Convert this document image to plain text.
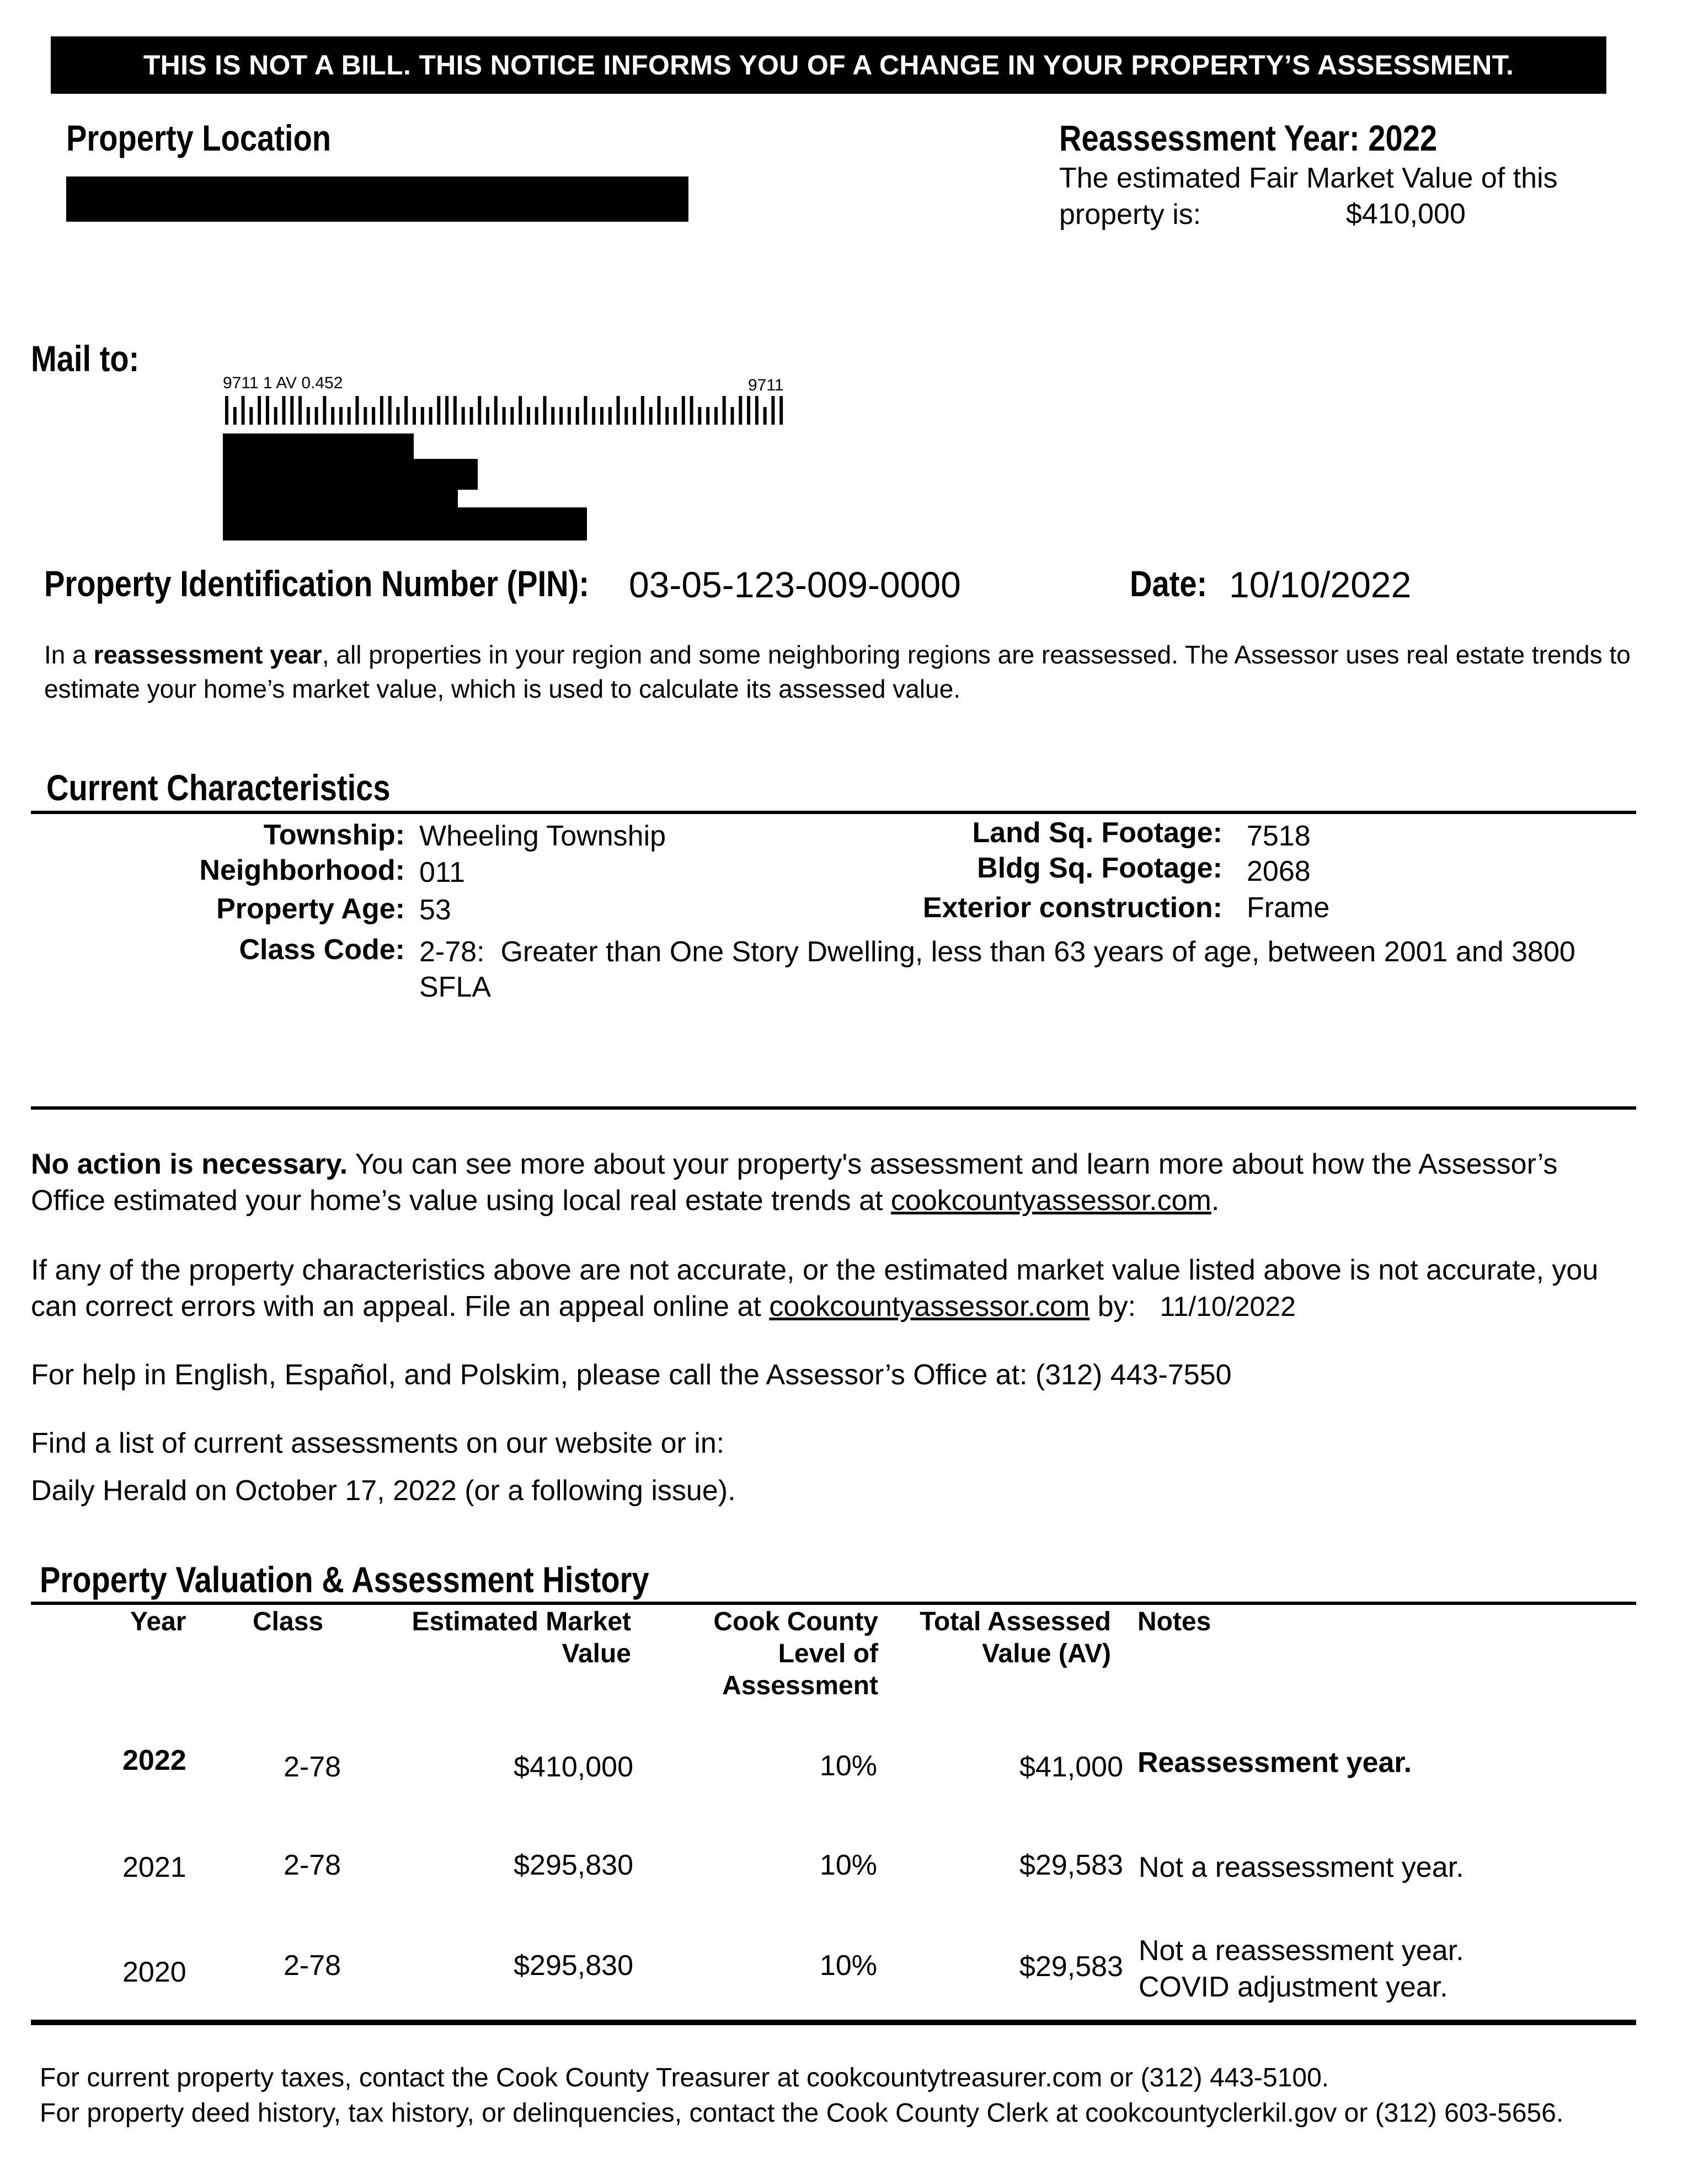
THIS IS NOT A BILL. THIS NOTICE INFORMS YOU OF A CHANGE IN YOUR PROPERTY’S ASSESSMENT.
Property Location	Reassessment Year: 2022
The estimated Fair Market Value of this property is:	$410,000
Mail to:
9711 1 AV 0.452	9711
Property Identification Number (PIN): 03-05-123-009-0000	Date: 10/10/2022
In a reassessment year, all properties in your region and some neighboring regions are reassessed. The Assessor uses real estate trends to estimate your home’s market value, which is used to calculate its assessed value.
Current Characteristics
Township: Wheeling Township
Neighborhood: 011
Property Age: 53
Class Code: 2-78: Greater than One Story Dwelling, less than 63 years of age, between 2001 and 3800 SFLA
Land Sq. Footage: 7518
Bldg Sq. Footage: 2068
Exterior construction: Frame
No action is necessary. You can see more about your property's assessment and learn more about how the Assessor’s Office estimated your home’s value using local real estate trends at cookcountyassessor.com.
If any of the property characteristics above are not accurate, or the estimated market value listed above is not accurate, you can correct errors with an appeal. File an appeal online at cookcountyassessor.com by: 11/10/2022
For help in English, Español, and Polskim, please call the Assessor’s Office at: (312) 443-7550
Find a list of current assessments on our website or in:
Daily Herald on October 17, 2022 (or a following issue).
Property Valuation & Assessment History
Year	Class	Estimated Market
Value
Cook County
Level of
Assessment
Total Assessed
Value (AV)
Notes
2022	2-78	$410,000	10%	$41,000 Reassessment year.
2021	2-78	$295,830	10%	$29,583 Not a reassessment year.
2020	2-78	$295,830	10%	$29,583 Not a reassessment year.
COVID adjustment year.
For current property taxes, contact the Cook County Treasurer at cookcountytreasurer.com or (312) 443-5100.
For property deed history, tax history, or delinquencies, contact the Cook County Clerk at cookcountyclerkil.gov or (312) 603-5656.
